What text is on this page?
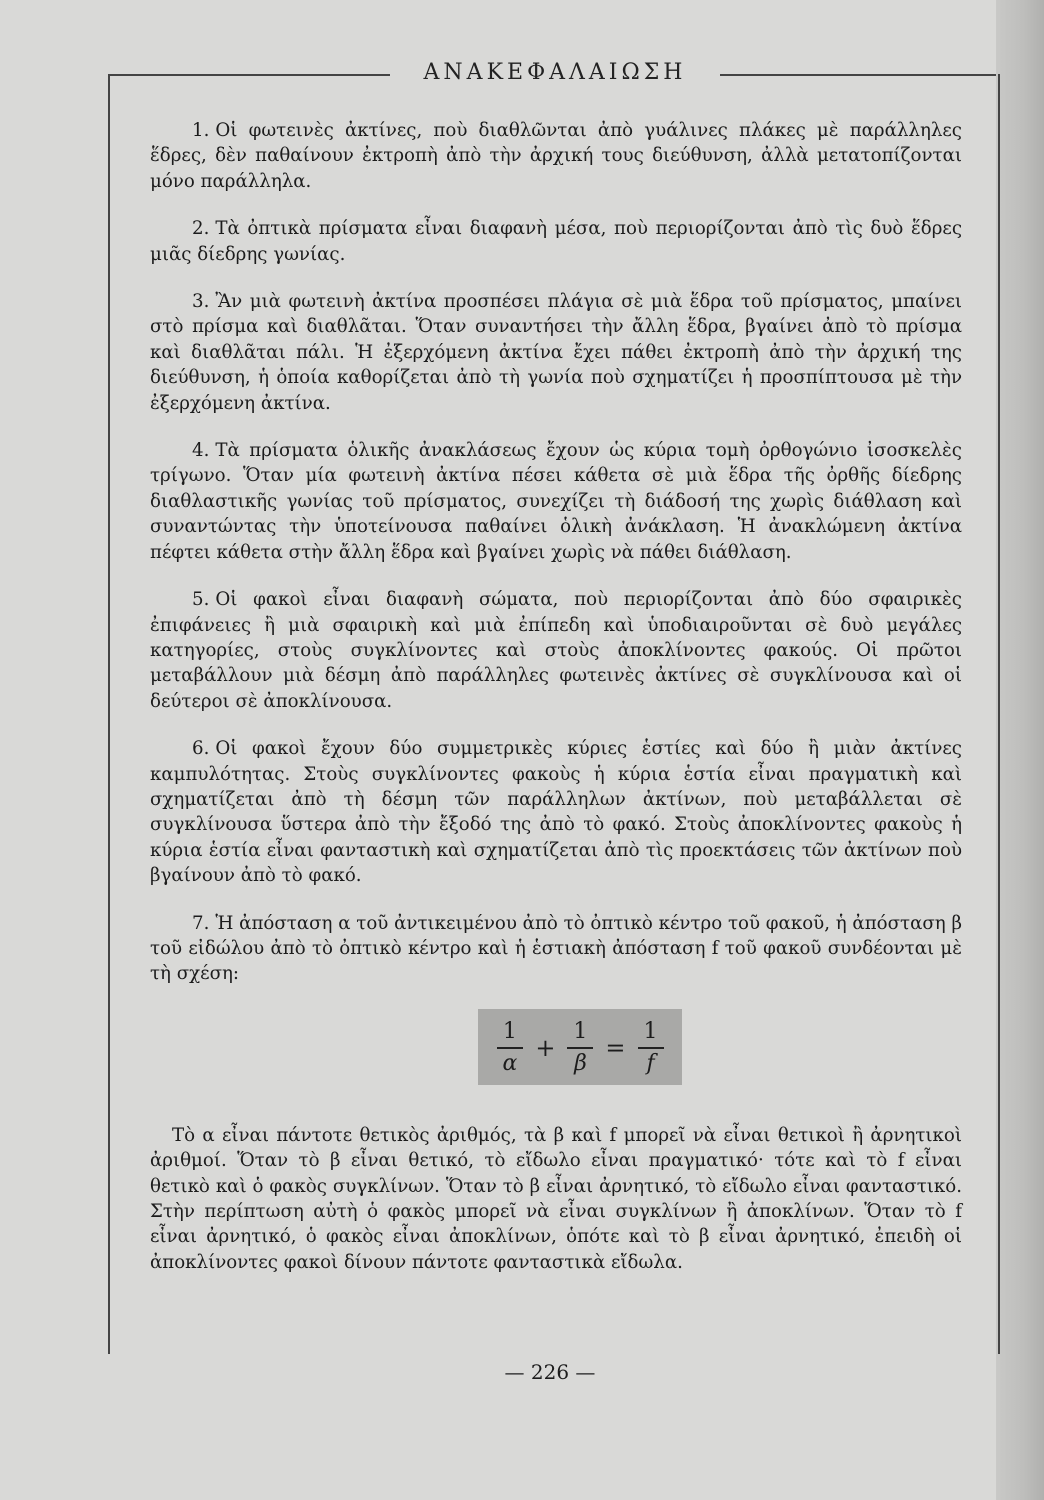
ΑΝΑΚΕΦΑΛΑΙΩΣΗ

1. Οἱ φωτεινὲς ἀκτίνες, ποὺ διαθλῶνται ἀπὸ γυάλινες πλάκες μὲ παράλληλες ἕδρες, δὲν παθαίνουν ἐκτροπὴ ἀπὸ τὴν ἀρχική τους διεύθυνση, ἀλλὰ μετατοπίζονται μόνο παράλληλα.

2. Τὰ ὀπτικὰ πρίσματα εἶναι διαφανὴ μέσα, ποὺ περιορίζονται ἀπὸ τὶς δυὸ ἕδρες μιᾶς δίεδρης γωνίας.

3. Ἂν μιὰ φωτεινὴ ἀκτίνα προσπέσει πλάγια σὲ μιὰ ἕδρα τοῦ πρίσματος, μπαίνει στὸ πρίσμα καὶ διαθλᾶται. Ὅταν συναντήσει τὴν ἄλλη ἕδρα, βγαίνει ἀπὸ τὸ πρίσμα καὶ διαθλᾶται πάλι. Ἡ ἐξερχόμενη ἀκτίνα ἔχει πάθει ἐκτροπὴ ἀπὸ τὴν ἀρχική της διεύθυνση, ἡ ὁποία καθορίζεται ἀπὸ τὴ γωνία ποὺ σχηματίζει ἡ προσπίπτουσα μὲ τὴν ἐξερχόμενη ἀκτίνα.

4. Τὰ πρίσματα ὁλικῆς ἀνακλάσεως ἔχουν ὡς κύρια τομὴ ὀρθογώνιο ἰσοσκελὲς τρίγωνο. Ὅταν μία φωτεινὴ ἀκτίνα πέσει κάθετα σὲ μιὰ ἕδρα τῆς ὀρθῆς δίεδρης διαθλαστικῆς γωνίας τοῦ πρίσματος, συνεχίζει τὴ διάδοσή της χωρὶς διάθλαση καὶ συναντώντας τὴν ὑποτείνουσα παθαίνει ὁλικὴ ἀνάκλαση. Ἡ ἀνακλώμενη ἀκτίνα πέφτει κάθετα στὴν ἄλλη ἕδρα καὶ βγαίνει χωρὶς νὰ πάθει διάθλαση.

5. Οἱ φακοὶ εἶναι διαφανὴ σώματα, ποὺ περιορίζονται ἀπὸ δύο σφαιρικὲς ἐπιφάνειες ἢ μιὰ σφαιρικὴ καὶ μιὰ ἐπίπεδη καὶ ὑποδιαιροῦνται σὲ δυὸ μεγάλες κατηγορίες, στοὺς συγκλίνοντες καὶ στοὺς ἀποκλίνοντες φακούς. Οἱ πρῶτοι μεταβάλλουν μιὰ δέσμη ἀπὸ παράλληλες φωτεινὲς ἀκτίνες σὲ συγκλίνουσα καὶ οἱ δεύτεροι σὲ ἀποκλίνουσα.

6. Οἱ φακοὶ ἔχουν δύο συμμετρικὲς κύριες ἑστίες καὶ δύο ἢ μιὰν ἀκτίνες καμπυλότητας. Στοὺς συγκλίνοντες φακοὺς ἡ κύρια ἑστία εἶναι πραγματικὴ καὶ σχηματίζεται ἀπὸ τὴ δέσμη τῶν παράλληλων ἀκτίνων, ποὺ μεταβάλλεται σὲ συγκλίνουσα ὕστερα ἀπὸ τὴν ἔξοδό της ἀπὸ τὸ φακό. Στοὺς ἀποκλίνοντες φακοὺς ἡ κύρια ἑστία εἶναι φανταστικὴ καὶ σχηματίζεται ἀπὸ τὶς προεκτάσεις τῶν ἀκτίνων ποὺ βγαίνουν ἀπὸ τὸ φακό.

7. Ἡ ἀπόσταση α τοῦ ἀντικειμένου ἀπὸ τὸ ὀπτικὸ κέντρο τοῦ φακοῦ, ἡ ἀπόσταση β τοῦ εἰδώλου ἀπὸ τὸ ὀπτικὸ κέντρο καὶ ἡ ἑστιακὴ ἀπόσταση f τοῦ φακοῦ συνδέονται μὲ τὴ σχέση:

$\frac{1}{\alpha} + \frac{1}{\beta} = \frac{1}{f}$

Τὸ α εἶναι πάντοτε θετικὸς ἀριθμός, τὰ β καὶ f μπορεῖ νὰ εἶναι θετικοὶ ἢ ἀρνητικοὶ ἀριθμοί. Ὅταν τὸ β εἶναι θετικό, τὸ εἴδωλο εἶναι πραγματικό· τότε καὶ τὸ f εἶναι θετικὸ καὶ ὁ φακὸς συγκλίνων. Ὅταν τὸ β εἶναι ἀρνητικό, τὸ εἴδωλο εἶναι φανταστικό. Στὴν περίπτωση αὐτὴ ὁ φακὸς μπορεῖ νὰ εἶναι συγκλίνων ἢ ἀποκλίνων. Ὅταν τὸ f εἶναι ἀρνητικό, ὁ φακὸς εἶναι ἀποκλίνων, ὁπότε καὶ τὸ β εἶναι ἀρνητικό, ἐπειδὴ οἱ ἀποκλίνοντες φακοὶ δίνουν πάντοτε φανταστικὰ εἴδωλα.

— 226 —
